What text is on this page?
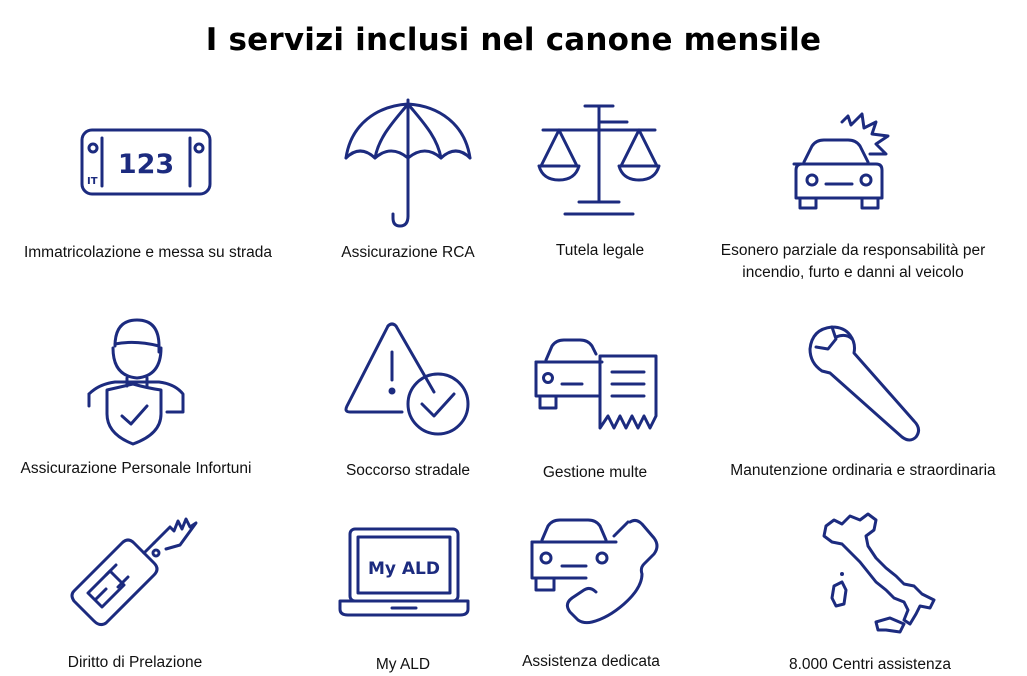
I servizi inclusi nel canone mensile
IT
123
Immatricolazione e messa su strada	Assicurazione RCA	Tutela legale	Esonero parziale da responsabilità per incendio, furto e danni al veicolo
Assicurazione Personale Infortuni	Soccorso stradale	Gestione multe	Manutenzione ordinaria e straordinaria
Diritto di Prelazione
My ALD
My ALD	Assistenza dedicata	8.000 Centri assistenza
